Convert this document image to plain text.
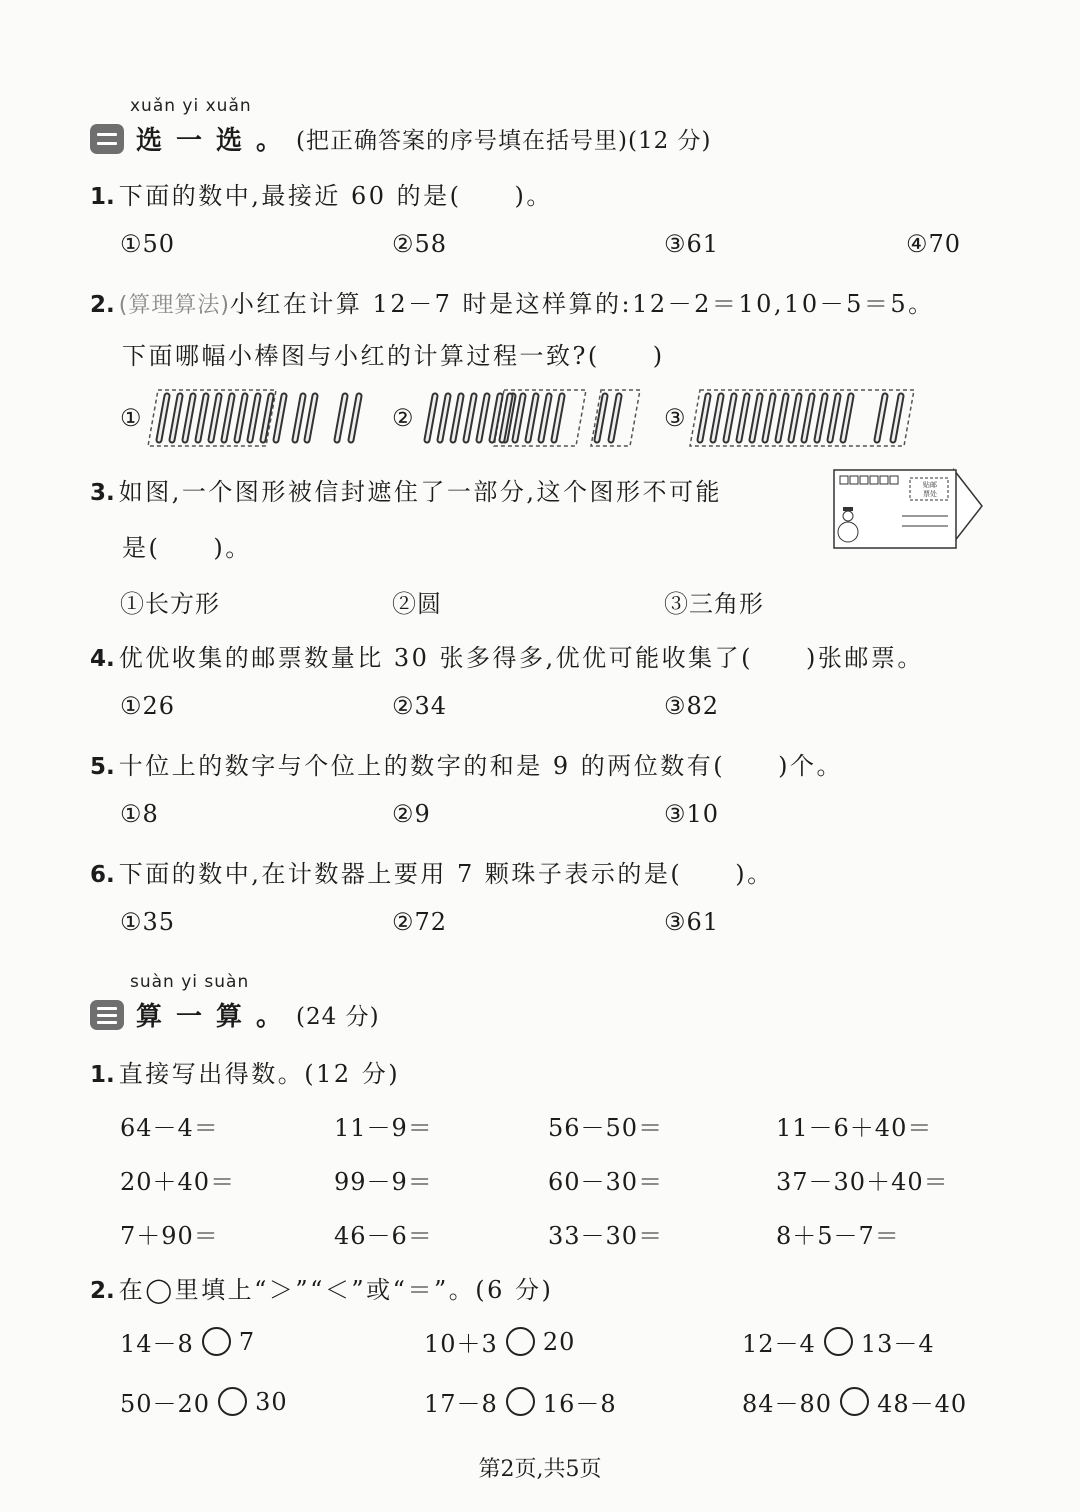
xuǎn yi xuǎn
选一选 。 (把正确答案的序号填在括号里)(12 分)
1. 下面的数中,最接近 60 的是(　　)。
①50	②58	③61	④70
2. (算理算法)小红在计算 12－7 时是这样算的:12－2＝10,10－5＝5。
下面哪幅小棒图与小红的计算过程一致?(　　)
①	②	③
3. 如图,一个图形被信封遮住了一部分,这个图形不可能
是(　　)。
贴邮
票处
①长方形	②圆	③三角形
4. 优优收集的邮票数量比 30 张多得多,优优可能收集了(　　)张邮票。
①26	②34	③82
5. 十位上的数字与个位上的数字的和是 9 的两位数有(　　)个。
①8	②9	③10
6. 下面的数中,在计数器上要用 7 颗珠子表示的是(　　)。
①35	②72	③61
suàn yi suàn
算一算 。 (24 分)
1. 直接写出得数。(12 分)
64－4＝	11－9＝	56－50＝	11－6＋40＝
20＋40＝	99－9＝	60－30＝	37－30＋40＝
7＋90＝	46－6＝	33－30＝	8＋5－7＝
2. 在◯里填上“＞”“＜”或“＝”。(6 分)
14－8 7	10＋3 20	12－4 13－4
50－20 30	17－8 16－8	84－80 48－40
第2页,共5页
